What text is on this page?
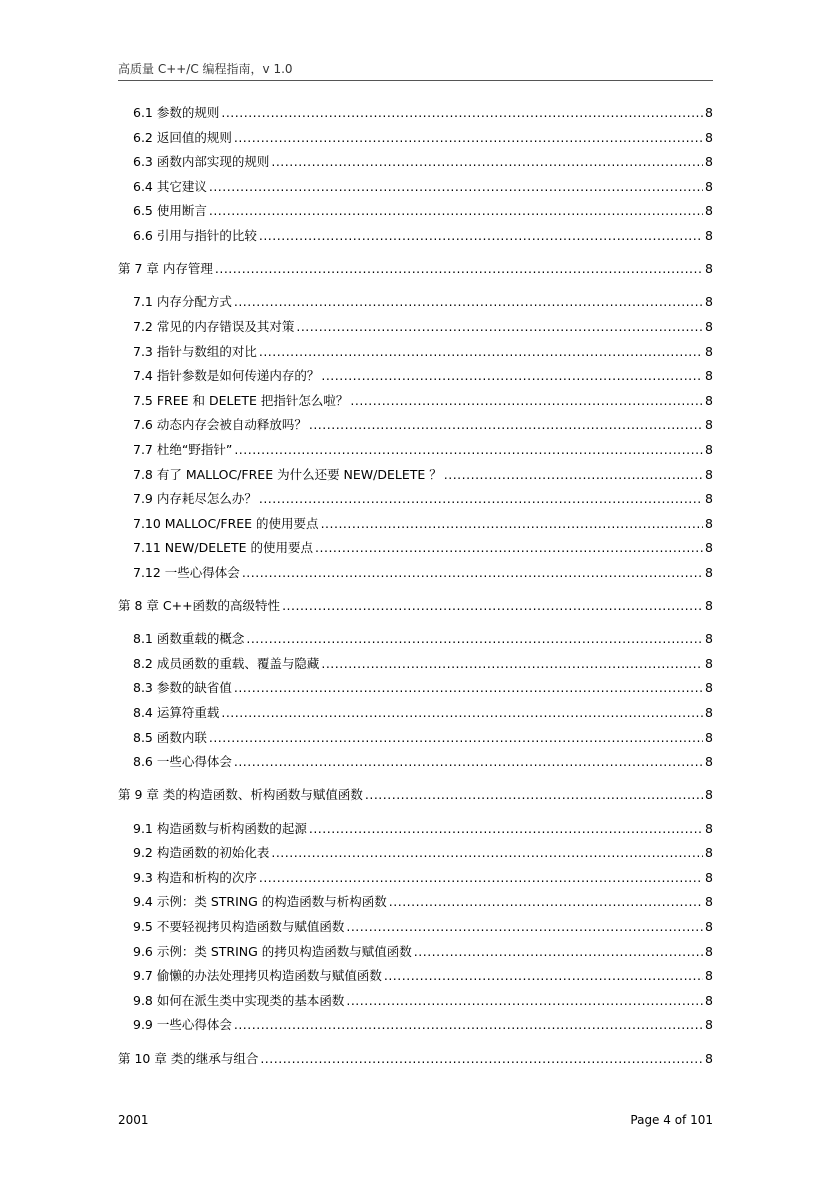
高质量 C++/C 编程指南，v 1.0
6.1 参数的规则 .....	8
6.2 返回值的规则 .....	8
6.3 函数内部实现的规则 .....	8
6.4 其它建议 .....	8
6.5 使用断言 .....	8
6.6 引用与指针的比较 .....	8
第 7 章 内存管理 .....	8
7.1 内存分配方式 .....	8
7.2 常见的内存错误及其对策 .....	8
7.3 指针与数组的对比 .....	8
7.4 指针参数是如何传递内存的？ .....	8
7.5 FREE 和 DELETE 把指针怎么啦？ .....	8
7.6 动态内存会被自动释放吗？ .....	8
7.7 杜绝“野指针” .....	8
7.8 有了 MALLOC/FREE 为什么还要 NEW/DELETE ？ .....	8
7.9 内存耗尽怎么办？ .....	8
7.10 MALLOC/FREE 的使用要点 .....	8
7.11 NEW/DELETE 的使用要点 .....	8
7.12 一些心得体会 .....	8
第 8 章 C++函数的高级特性 .....	8
8.1 函数重载的概念 .....	8
8.2 成员函数的重载、覆盖与隐藏 .....	8
8.3 参数的缺省值 .....	8
8.4 运算符重载 .....	8
8.5 函数内联 .....	8
8.6 一些心得体会 .....	8
第 9 章 类的构造函数、析构函数与赋值函数 .....	8
9.1 构造函数与析构函数的起源 .....	8
9.2 构造函数的初始化表 .....	8
9.3 构造和析构的次序 .....	8
9.4 示例：类 STRING 的构造函数与析构函数 .....	8
9.5 不要轻视拷贝构造函数与赋值函数 .....	8
9.6 示例：类 STRING 的拷贝构造函数与赋值函数 .....	8
9.7 偷懒的办法处理拷贝构造函数与赋值函数 .....	8
9.8 如何在派生类中实现类的基本函数 .....	8
9.9 一些心得体会 .....	8
第 10 章 类的继承与组合 .....	8
2001	Page 4 of 101
